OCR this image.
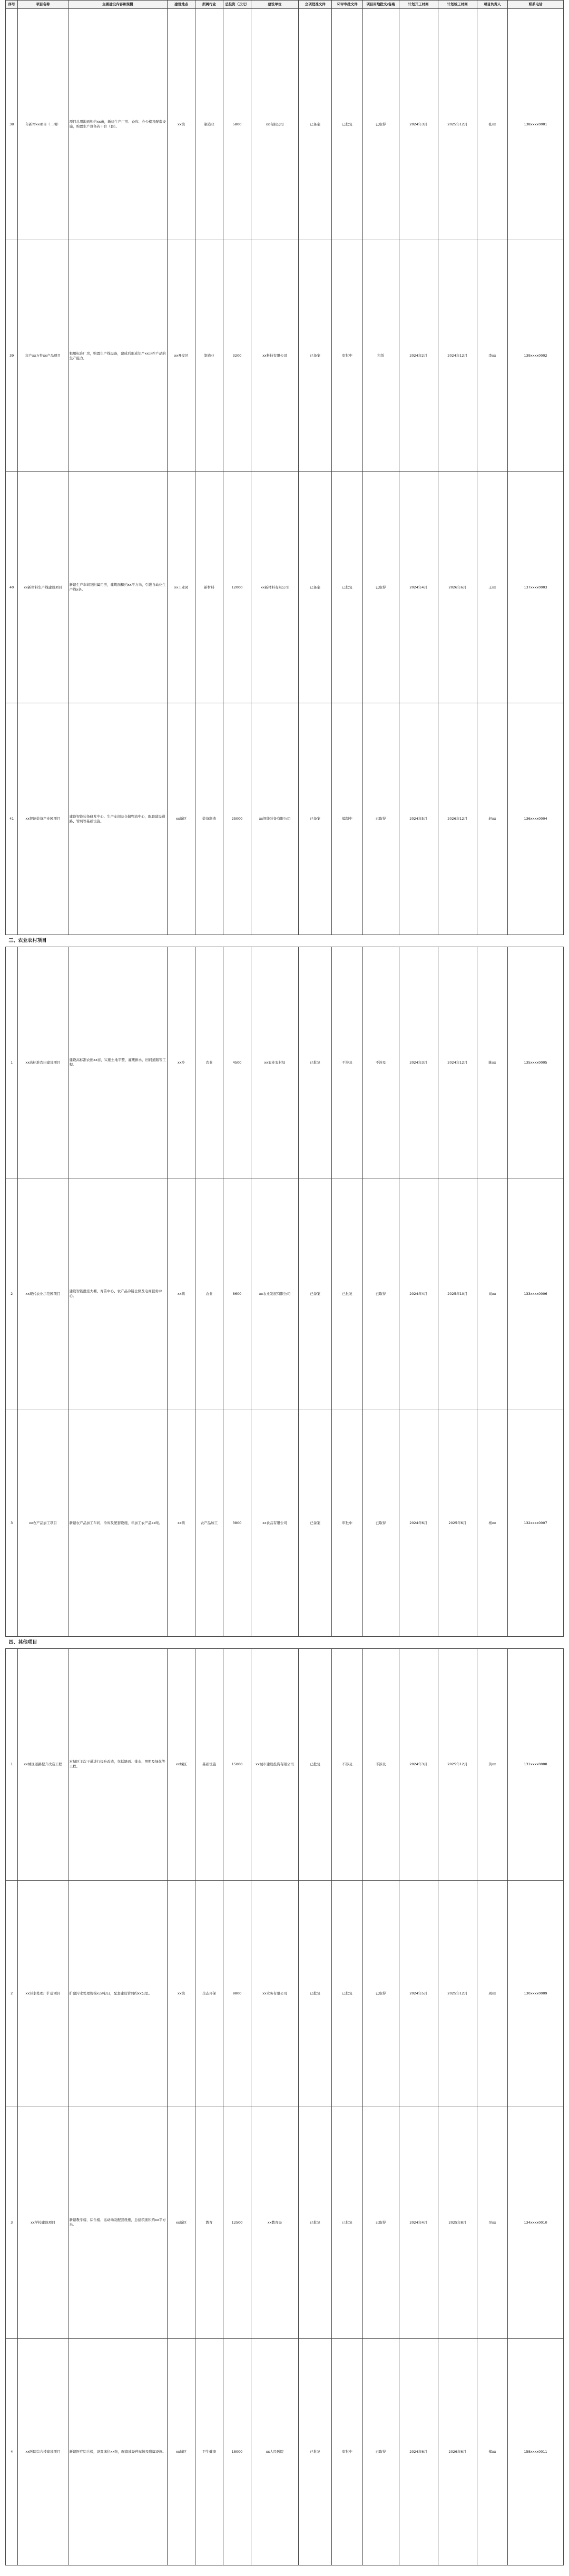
序号	项目名称	主要建设内容和规模	建设地点	所属行业	总投资（万元）	建设单位	立项批准文件	环评审批文件	项目用地批文/备案	计划开工时间	计划竣工时间	项目负责人	联系电话
38	年新增xx项目（二期）	项目总用地面积约xx亩，新建生产厂房、仓库、办公楼及配套设施，购置生产设备若干台（套）。	xx镇	制造业	5800	xx有限公司	已备案	已批复	已取得	2024年3月	2025年12月	张xx	138xxxx0001
39	年产xx万件xx产品项目	租用标准厂房，购置生产线设备，建成后形成年产xx万件产品的生产能力。	xx开发区	制造业	3200	xx科技有限公司	已备案	审批中	租赁	2024年2月	2024年12月	李xx	139xxxx0002
40	xx新材料生产线建设项目	新建生产车间及附属用房，建筑面积约xx平方米，引进自动化生产线x条。	xx工业园	新材料	12000	xx新材料有限公司	已备案	已批复	已取得	2024年4月	2026年6月	王xx	137xxxx0003
41	xx智能装备产业园项目	建设智能装备研发中心、生产车间及仓储物流中心，配套建设道路、管网等基础设施。	xx新区	装备制造	25000	xx智能装备有限公司	已备案	编制中	已取得	2024年5月	2026年12月	赵xx	136xxxx0004
三、农业农村项目													
1	xx高标准农田建设项目	建设高标准农田xx亩，实施土地平整、灌溉排水、田间道路等工程。	xx乡	农业	4500	xx农业农村局	已批复	不涉及	不涉及	2024年3月	2024年12月	陈xx	135xxxx0005
2	xx现代农业示范园项目	建设智能温室大棚、育苗中心、农产品冷链仓储及电商服务中心。	xx镇	农业	8600	xx农业发展有限公司	已备案	已批复	已取得	2024年4月	2025年10月	刘xx	133xxxx0006
3	xx农产品加工项目	新建农产品加工车间、冷库及配套设施，年加工农产品xx吨。	xx镇	农产品加工	3800	xx食品有限公司	已备案	审批中	已取得	2024年6月	2025年6月	杨xx	132xxxx0007
四、其他项目													
1	xx城区道路提升改造工程	对城区主次干道进行提升改造，包括路面、排水、照明及绿化等工程。	xx城区	基础设施	15000	xx城市建设投资有限公司	已批复	不涉及	不涉及	2024年3月	2025年12月	黄xx	131xxxx0008
2	xx污水处理厂扩建项目	扩建污水处理规模x万吨/日，配套建设管网约xx公里。	xx镇	生态环保	9800	xx水务有限公司	已批复	已批复	已取得	2024年5月	2025年12月	周xx	130xxxx0009
3	xx学校建设项目	新建教学楼、综合楼、运动场及配套设施，总建筑面积约xx平方米。	xx新区	教育	12500	xx教育局	已批复	已批复	已取得	2024年4月	2025年8月	吴xx	134xxxx0010
4	xx医院综合楼建设项目	新建医疗综合楼，设置床位xx张，配套建设停车场及附属设施。	xx城区	卫生健康	18000	xx人民医院	已批复	审批中	已取得	2024年6月	2026年6月	郑xx	158xxxx0011
